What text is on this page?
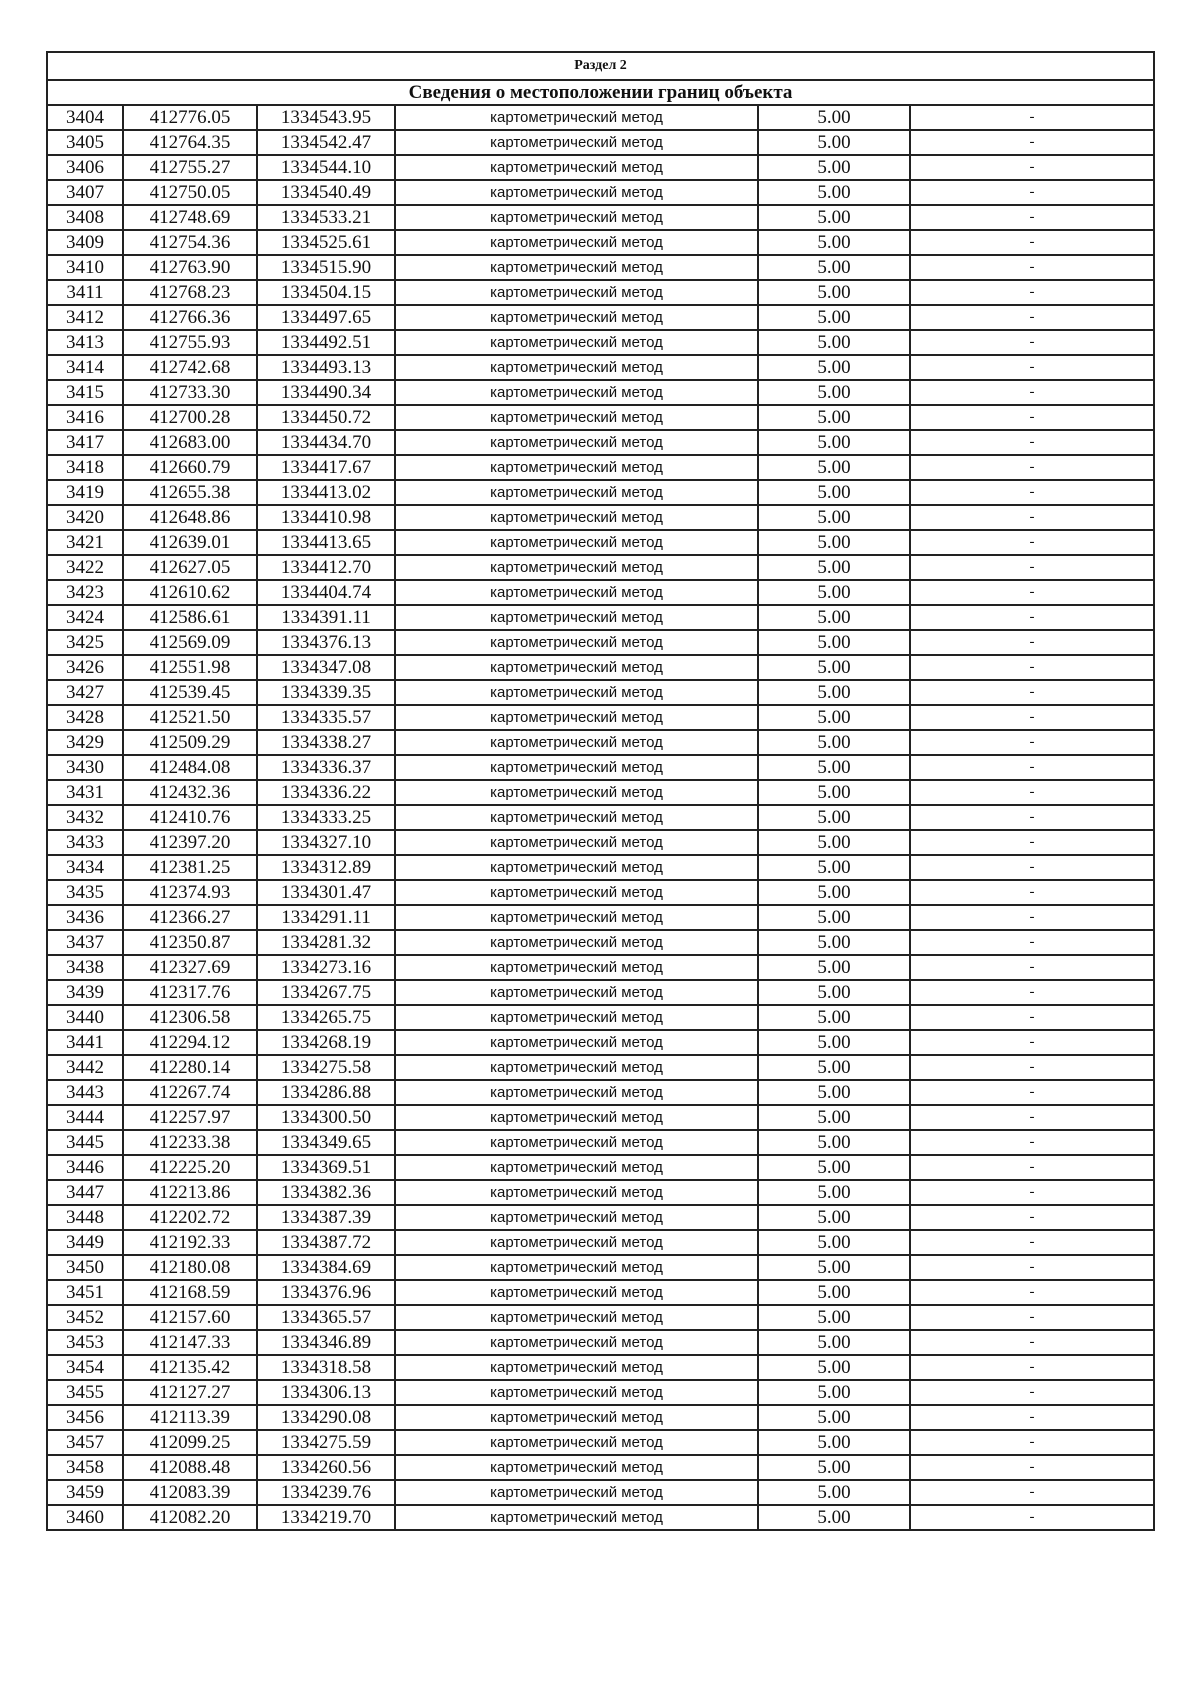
Раздел 2					
Сведения о местоположении границ объекта					
3404	412776.05	1334543.95	картометрический метод	5.00	-
3405	412764.35	1334542.47	картометрический метод	5.00	-
3406	412755.27	1334544.10	картометрический метод	5.00	-
3407	412750.05	1334540.49	картометрический метод	5.00	-
3408	412748.69	1334533.21	картометрический метод	5.00	-
3409	412754.36	1334525.61	картометрический метод	5.00	-
3410	412763.90	1334515.90	картометрический метод	5.00	-
3411	412768.23	1334504.15	картометрический метод	5.00	-
3412	412766.36	1334497.65	картометрический метод	5.00	-
3413	412755.93	1334492.51	картометрический метод	5.00	-
3414	412742.68	1334493.13	картометрический метод	5.00	-
3415	412733.30	1334490.34	картометрический метод	5.00	-
3416	412700.28	1334450.72	картометрический метод	5.00	-
3417	412683.00	1334434.70	картометрический метод	5.00	-
3418	412660.79	1334417.67	картометрический метод	5.00	-
3419	412655.38	1334413.02	картометрический метод	5.00	-
3420	412648.86	1334410.98	картометрический метод	5.00	-
3421	412639.01	1334413.65	картометрический метод	5.00	-
3422	412627.05	1334412.70	картометрический метод	5.00	-
3423	412610.62	1334404.74	картометрический метод	5.00	-
3424	412586.61	1334391.11	картометрический метод	5.00	-
3425	412569.09	1334376.13	картометрический метод	5.00	-
3426	412551.98	1334347.08	картометрический метод	5.00	-
3427	412539.45	1334339.35	картометрический метод	5.00	-
3428	412521.50	1334335.57	картометрический метод	5.00	-
3429	412509.29	1334338.27	картометрический метод	5.00	-
3430	412484.08	1334336.37	картометрический метод	5.00	-
3431	412432.36	1334336.22	картометрический метод	5.00	-
3432	412410.76	1334333.25	картометрический метод	5.00	-
3433	412397.20	1334327.10	картометрический метод	5.00	-
3434	412381.25	1334312.89	картометрический метод	5.00	-
3435	412374.93	1334301.47	картометрический метод	5.00	-
3436	412366.27	1334291.11	картометрический метод	5.00	-
3437	412350.87	1334281.32	картометрический метод	5.00	-
3438	412327.69	1334273.16	картометрический метод	5.00	-
3439	412317.76	1334267.75	картометрический метод	5.00	-
3440	412306.58	1334265.75	картометрический метод	5.00	-
3441	412294.12	1334268.19	картометрический метод	5.00	-
3442	412280.14	1334275.58	картометрический метод	5.00	-
3443	412267.74	1334286.88	картометрический метод	5.00	-
3444	412257.97	1334300.50	картометрический метод	5.00	-
3445	412233.38	1334349.65	картометрический метод	5.00	-
3446	412225.20	1334369.51	картометрический метод	5.00	-
3447	412213.86	1334382.36	картометрический метод	5.00	-
3448	412202.72	1334387.39	картометрический метод	5.00	-
3449	412192.33	1334387.72	картометрический метод	5.00	-
3450	412180.08	1334384.69	картометрический метод	5.00	-
3451	412168.59	1334376.96	картометрический метод	5.00	-
3452	412157.60	1334365.57	картометрический метод	5.00	-
3453	412147.33	1334346.89	картометрический метод	5.00	-
3454	412135.42	1334318.58	картометрический метод	5.00	-
3455	412127.27	1334306.13	картометрический метод	5.00	-
3456	412113.39	1334290.08	картометрический метод	5.00	-
3457	412099.25	1334275.59	картометрический метод	5.00	-
3458	412088.48	1334260.56	картометрический метод	5.00	-
3459	412083.39	1334239.76	картометрический метод	5.00	-
3460	412082.20	1334219.70	картометрический метод	5.00	-
